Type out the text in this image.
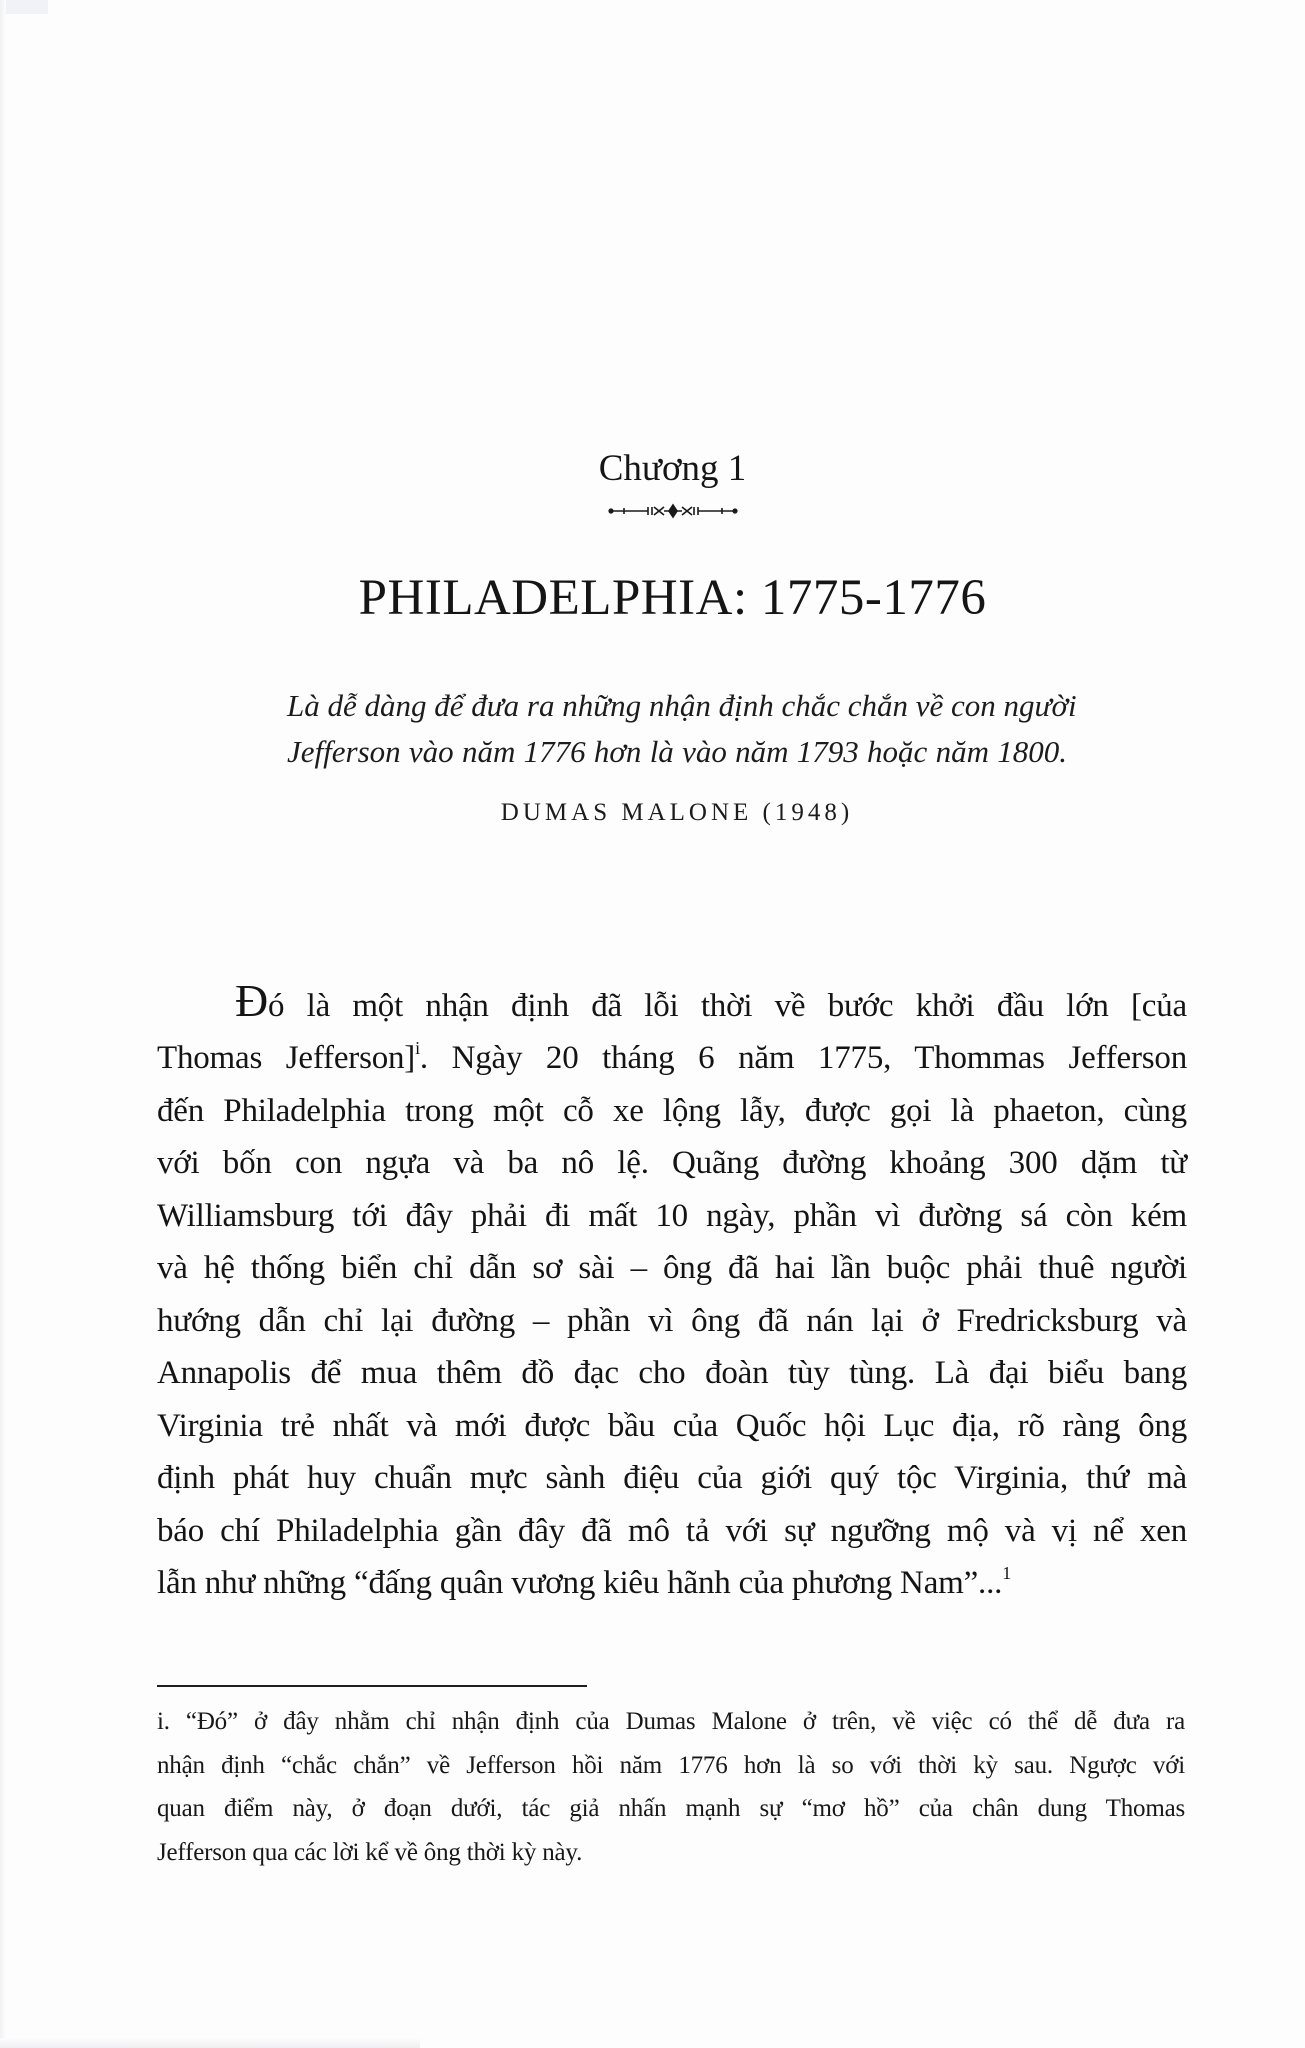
Chương 1
PHILADELPHIA: 1775-1776
Là dễ dàng để đưa ra những nhận định chắc chắn về con người
Jefferson vào năm 1776 hơn là vào năm 1793 hoặc năm 1800.
DUMAS MALONE (1948)
Đ ó là một nhận định đã lỗi thời về bước khởi đầu lớn [của
Thomas Jefferson]$^i$. Ngày 20 tháng 6 năm 1775, Thommas Jefferson
đến Philadelphia trong một cỗ xe lộng lẫy, được gọi là phaeton, cùng
với bốn con ngựa và ba nô lệ. Quãng đường khoảng 300 dặm từ
Williamsburg tới đây phải đi mất 10 ngày, phần vì đường sá còn kém
và hệ thống biển chỉ dẫn sơ sài – ông đã hai lần buộc phải thuê người
hướng dẫn chỉ lại đường – phần vì ông đã nán lại ở Fredricksburg và
Annapolis để mua thêm đồ đạc cho đoàn tùy tùng. Là đại biểu bang
Virginia trẻ nhất và mới được bầu của Quốc hội Lục địa, rõ ràng ông
định phát huy chuẩn mực sành điệu của giới quý tộc Virginia, thứ mà
báo chí Philadelphia gần đây đã mô tả với sự ngưỡng mộ và vị nể xen
lẫn như những “đấng quân vương kiêu hãnh của phương Nam”...$^1$
i. “Đó” ở đây nhằm chỉ nhận định của Dumas Malone ở trên, về việc có thể dễ đưa ra
nhận định “chắc chắn” về Jefferson hồi năm 1776 hơn là so với thời kỳ sau. Ngược với
quan điểm này, ở đoạn dưới, tác giả nhấn mạnh sự “mơ hồ” của chân dung Thomas
Jefferson qua các lời kể về ông thời kỳ này.
